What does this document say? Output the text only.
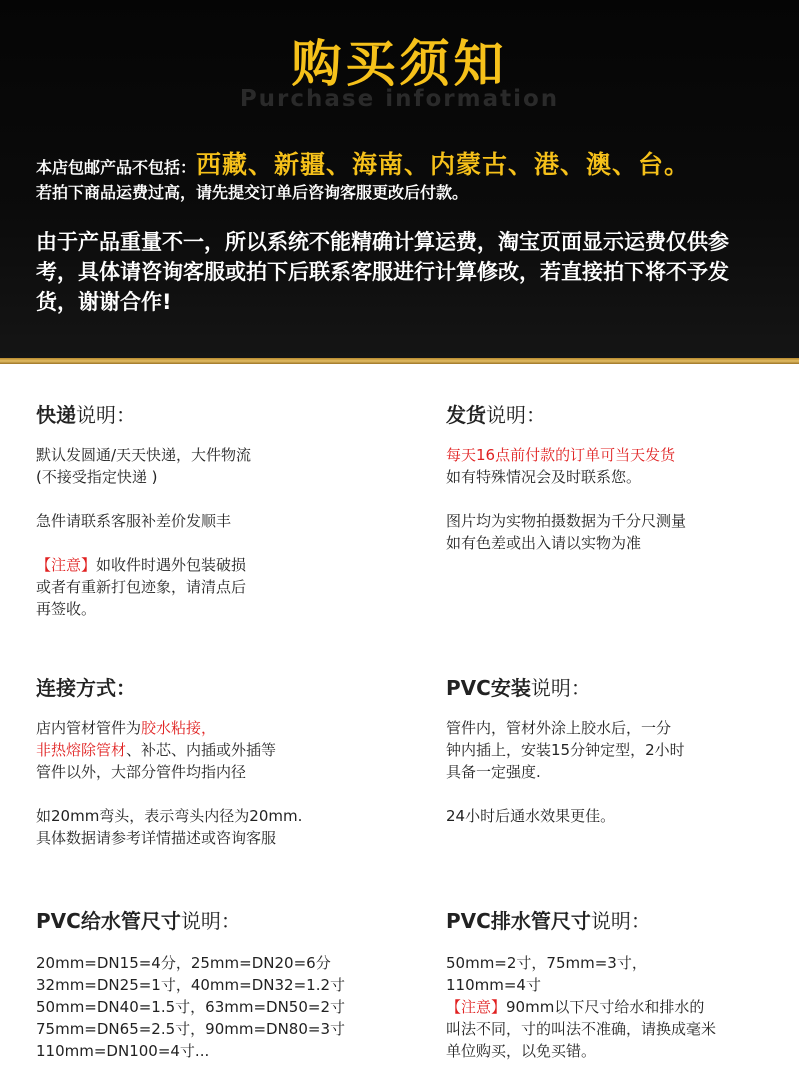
购买须知
Purchase information
本店包邮产品不包括：西藏、新疆、海南、内蒙古、港、澳、台。
若拍下商品运费过高，请先提交订单后咨询客服更改后付款。
由于产品重量不一，所以系统不能精确计算运费，淘宝页面显示运费仅供参考，具体请咨询客服或拍下后联系客服进行计算修改，若直接拍下将不予发货，谢谢合作!
快递说明：
默认发圆通/天天快递，大件物流
(不接受指定快递 )
急件请联系客服补差价发顺丰
【注意】如收件时遇外包装破损
或者有重新打包迹象，请清点后
再签收。
发货说明：
每天16点前付款的订单可当天发货
如有特殊情况会及时联系您。
图片均为实物拍摄数据为千分尺测量
如有色差或出入请以实物为准
连接方式：
店内管材管件为胶水粘接，
非热熔除管材、补芯、内插或外插等
管件以外，大部分管件均指内径
如20mm弯头，表示弯头内径为20mm.
具体数据请参考详情描述或咨询客服
PVC安装说明：
管件内，管材外涂上胶水后，一分
钟内插上，安装15分钟定型，2小时
具备一定强度.
24小时后通水效果更佳。
PVC给水管尺寸说明：
20mm=DN15=4分，25mm=DN20=6分
32mm=DN25=1寸，40mm=DN32=1.2寸
50mm=DN40=1.5寸，63mm=DN50=2寸
75mm=DN65=2.5寸，90mm=DN80=3寸
110mm=DN100=4寸...
PVC排水管尺寸说明：
50mm=2寸，75mm=3寸，
110mm=4寸
【注意】90mm以下尺寸给水和排水的
叫法不同，寸的叫法不准确，请换成毫米
单位购买，以免买错。
